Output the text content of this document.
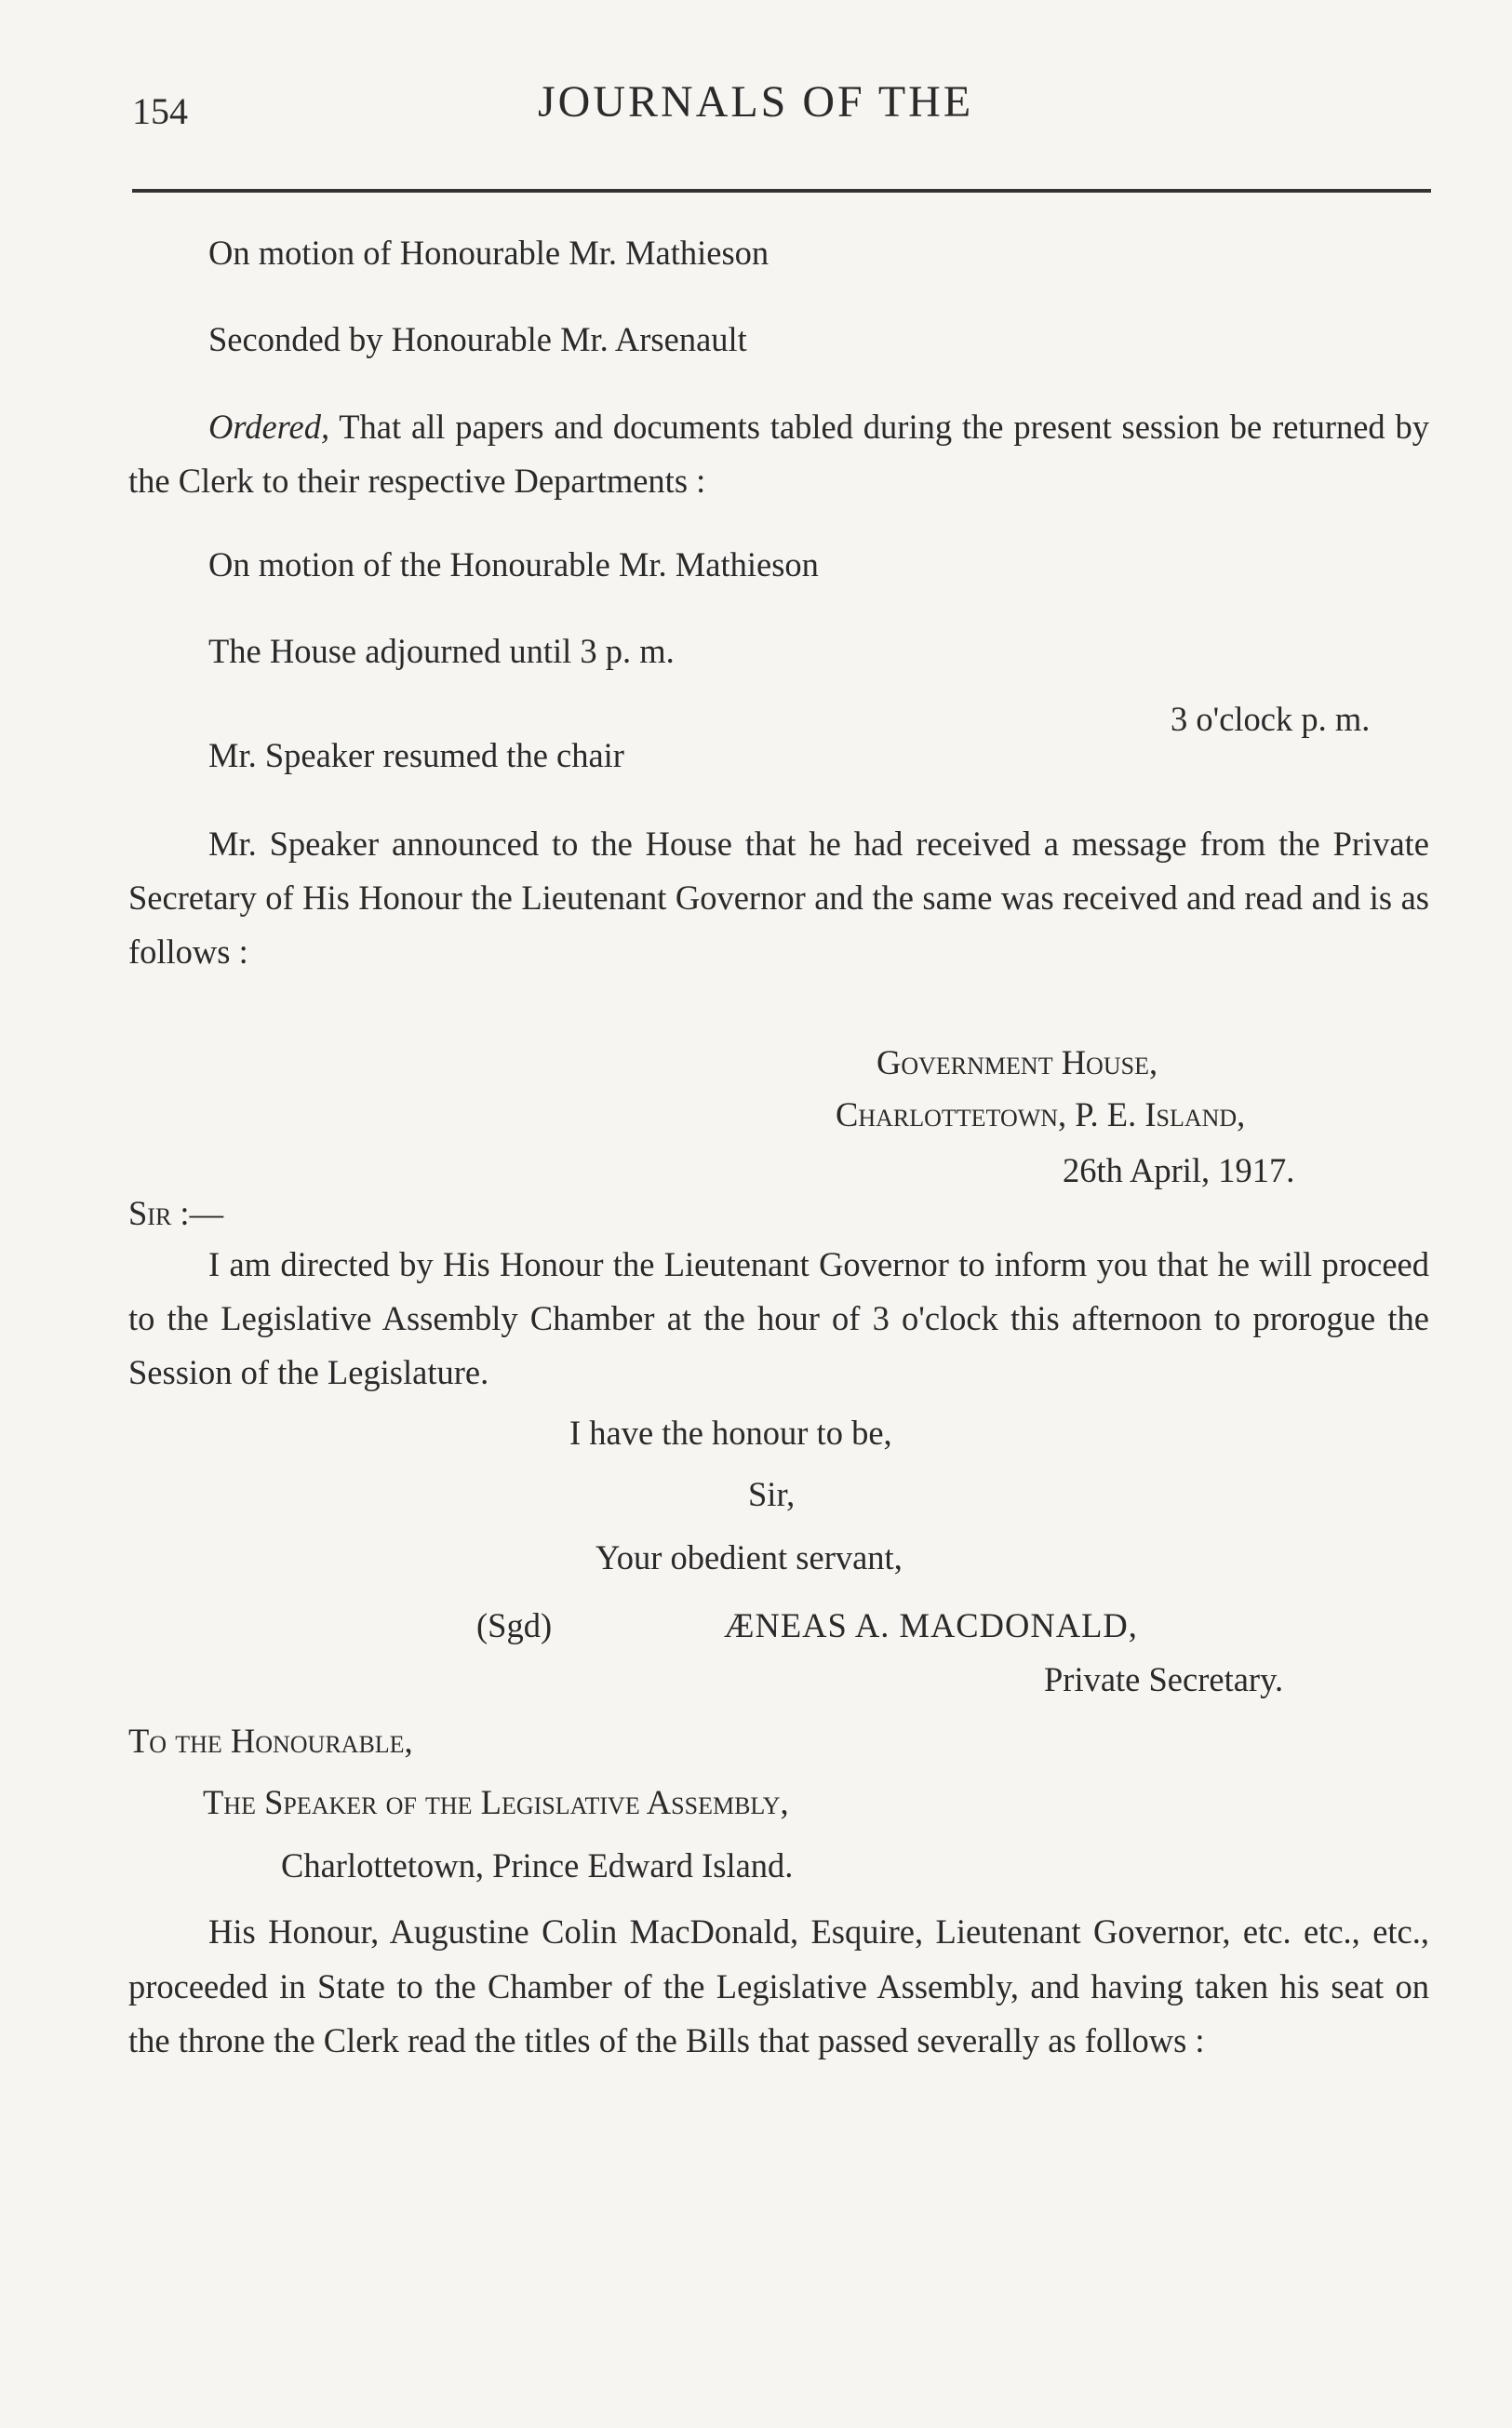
154	JOURNALS OF THE
On motion of Honourable Mr. Mathieson
Seconded by Honourable Mr. Arsenault
Ordered, That all papers and documents tabled during the present session be returned by the Clerk to their respective Departments :
On motion of the Honourable Mr. Mathieson
The House adjourned until 3 p. m.
3 o'clock p. m.
Mr. Speaker resumed the chair
Mr. Speaker announced to the House that he had received a message from the Private Secretary of His Honour the Lieutenant Governor and the same was received and read and is as follows :
Government House,
Charlottetown, P. E. Island,
26th April, 1917.
Sir :—
I am directed by His Honour the Lieutenant Governor to inform you that he will proceed to the Legislative Assembly Chamber at the hour of 3 o'clock this afternoon to prorogue the Session of the Legislature.
I have the honour to be,
Sir,
Your obedient servant,
(Sgd)	ÆNEAS A. MACDONALD,
Private Secretary.
To the Honourable,
The Speaker of the Legislative Assembly,
Charlottetown, Prince Edward Island.
His Honour, Augustine Colin MacDonald, Esquire, Lieutenant Governor, etc. etc., etc., proceeded in State to the Chamber of the Legislative Assembly, and having taken his seat on the throne the Clerk read the titles of the Bills that passed severally as follows :
